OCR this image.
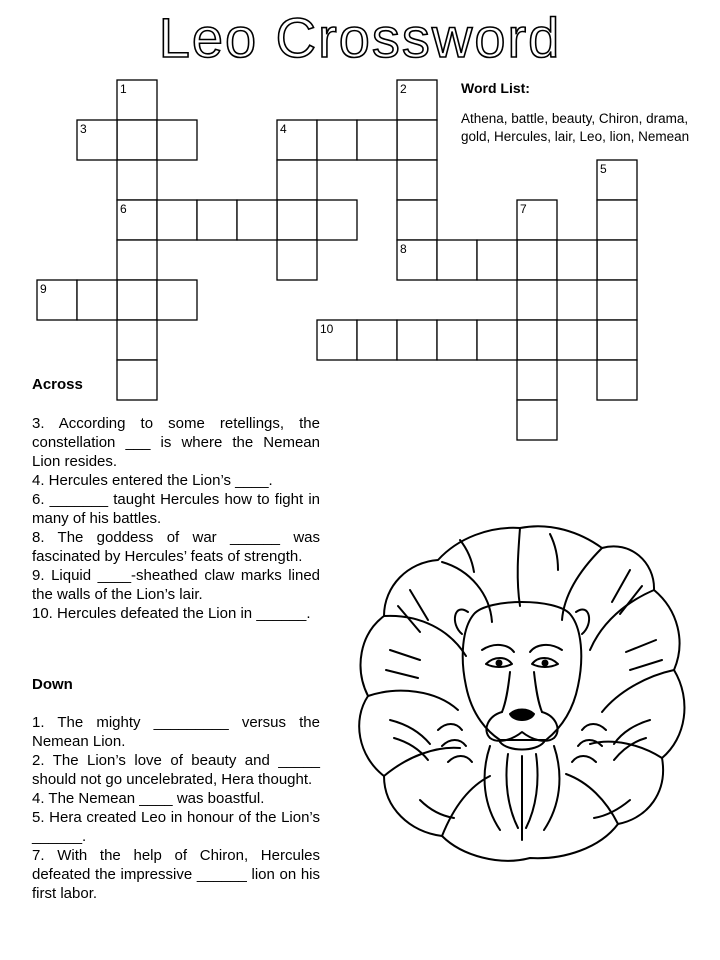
Leo Crossword
1	2
3	4
5
6	7
8
9
10
Word List:
Athena, battle, beauty, Chiron, drama, gold, Hercules, lair, Leo, lion, Nemean
Across

3. According to some retellings, the constellation ___ is where the Nemean Lion resides.

4. Hercules entered the Lion’s ____.

6. _______ taught Hercules how to fight in many of his battles.

8. The goddess of war ______ was fascinated by Hercules’ feats of strength.

9. Liquid ____-sheathed claw marks lined the walls of the Lion’s lair.

10. Hercules defeated the Lion in ______.

Down

1. The mighty _________ versus the Nemean Lion.

2. The Lion’s love of beauty and _____ should not go uncelebrated, Hera thought.

4. The Nemean ____ was boastful.

5. Hera created Leo in honour of the Lion’s ______.

7. With the help of Chiron, Hercules defeated the impressive ______ lion on his first labor.
